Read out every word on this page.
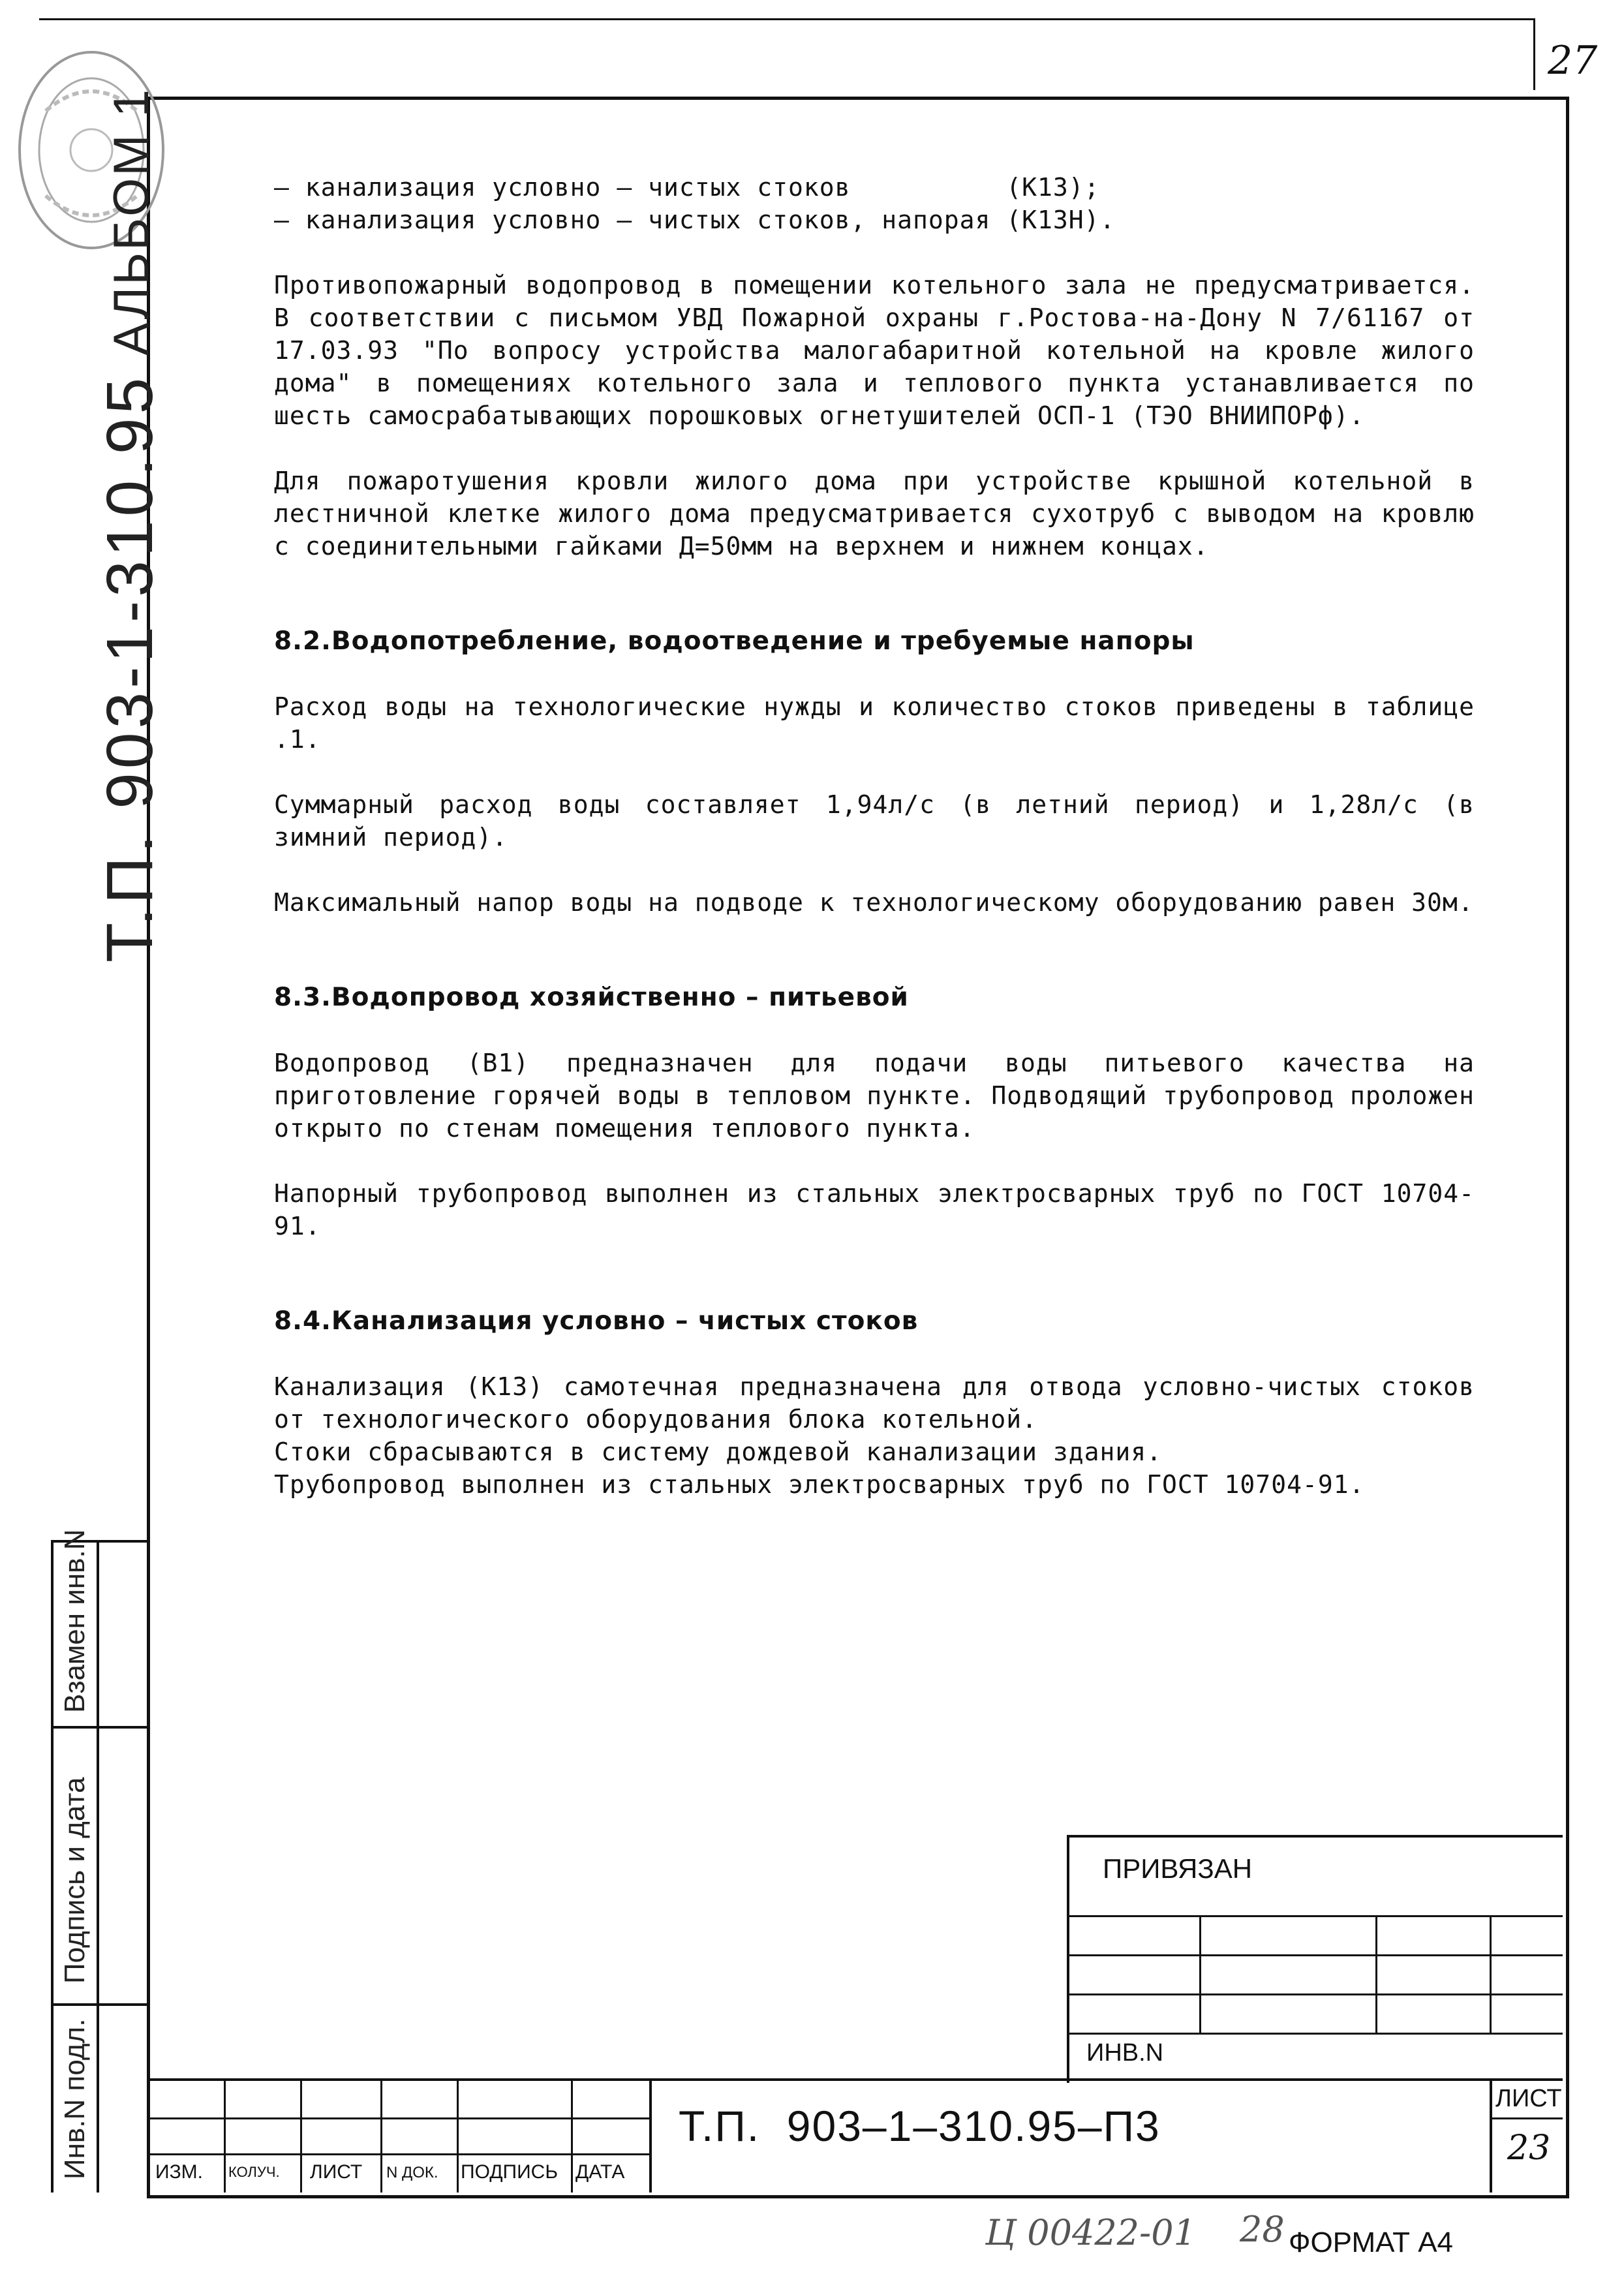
27
АЛЬБОМ 1
Т.П. 903-1-310.95
Взамен инв.N
Подпись и дата
Инв.N подл.

– канализация условно – чистых стоков          (К13);

– канализация условно – чистых стоков, напорая (К13Н).

Противопожарный водопровод в помещении котельного зала не предусматривается. В соответствии с письмом УВД Пожарной охраны г.Ростова-на-Дону N 7/61167 от 17.03.93 "По вопросу устройства малогабаритной котельной на кровле жилого дома" в помещениях котельного зала и теплового пункта устанавливается по шесть самосрабатывающих порошковых огнетушителей ОСП-1 (ТЭО ВНИИПОРф).

Для пожаротушения кровли жилого дома при устройстве крышной котельной в лестничной клетке жилого дома предусматривается сухотруб с выводом на кровлю с соединительными гайками Д=50мм на верхнем и нижнем концах.

8.2.Водопотребление, водоотведение и требуемые напоры

Расход воды на технологические нужды и количество стоков приведены в таблице    .1.

Суммарный расход воды составляет 1,94л/с (в летний период) и 1,28л/с (в зимний период).

Максимальный напор воды на подводе к технологическому оборудованию равен 30м.

8.3.Водопровод хозяйственно – питьевой

Водопровод (В1) предназначен для подачи воды питьевого качества на приготовление горячей воды в тепловом пункте. Подводящий трубопровод проложен открыто по стенам помещения теплового пункта.

Напорный трубопровод выполнен из стальных электросварных труб по ГОСТ 10704-91.

8.4.Канализация условно – чистых стоков

Канализация (К13) самотечная предназначена для отвода условно-чистых стоков от технологического оборудования блока котельной.

Стоки сбрасываются в систему дождевой канализации здания.

Трубопровод выполнен из стальных электросварных труб по ГОСТ 10704-91.

ПРИВЯЗАН
ИНВ.N
ИЗМ. КОЛУЧ. ЛИСТ N ДОК. ПОДПИСЬ ДАТА
Т.П.  903–1–310.95–П3
ЛИСТ
23
Ц 00422-01 28 ФОРМАТ А4
